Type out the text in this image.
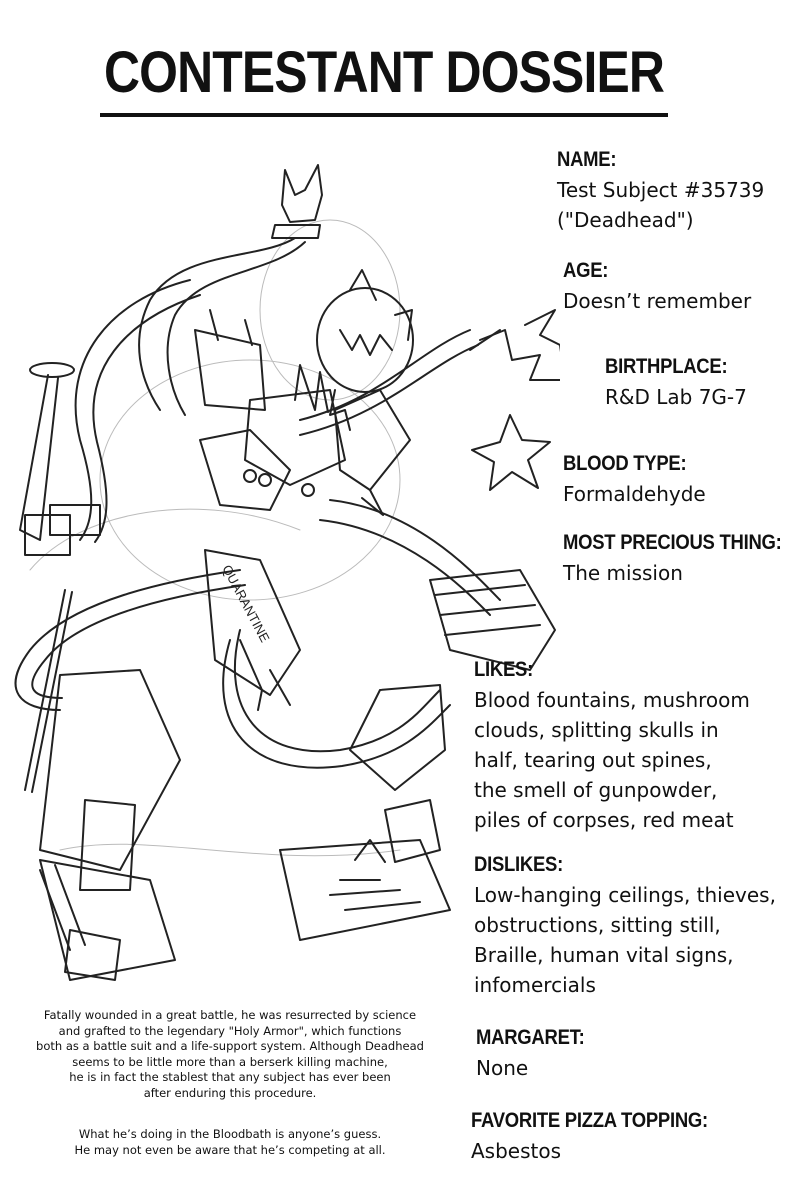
CONTESTANT DOSSIER
QUARANTINE
NAME:
Test Subject #35739
("Deadhead")
AGE:
Doesn’t remember
BIRTHPLACE:
R&D Lab 7G-7
BLOOD TYPE:
Formaldehyde
MOST PRECIOUS THING:
The mission
LIKES:
Blood fountains, mushroom
clouds, splitting skulls in
half, tearing out spines,
the smell of gunpowder,
piles of corpses, red meat
DISLIKES:
Low-hanging ceilings, thieves,
obstructions, sitting still,
Braille, human vital signs,
infomercials
MARGARET:
None
FAVORITE PIZZA TOPPING:
Asbestos
Fatally wounded in a great battle, he was resurrected by science
and grafted to the legendary "Holy Armor", which functions
both as a battle suit and a life-support system. Although Deadhead
seems to be little more than a berserk killing machine,
he is in fact the stablest that any subject has ever been
after enduring this procedure.
What he’s doing in the Bloodbath is anyone’s guess.
He may not even be aware that he’s competing at all.
